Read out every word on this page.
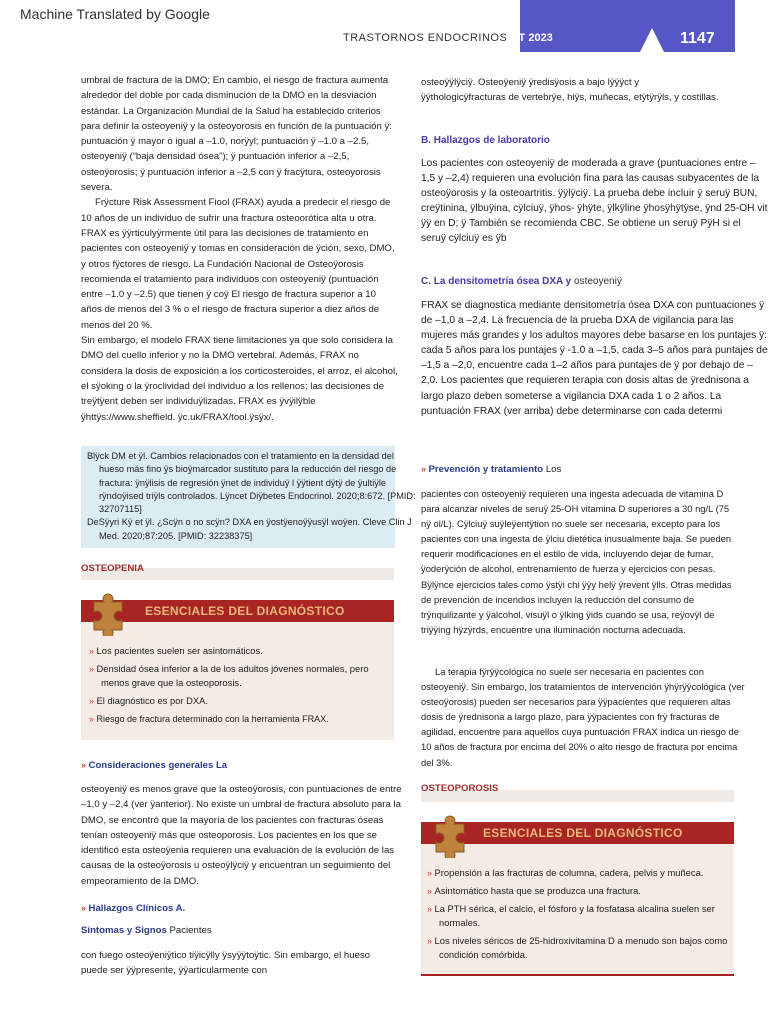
Machine Translated by Google
OT 2023	1147
TRASTORNOS ENDOCRINOS

umbral de fractura de la DMO; En cambio, el riesgo de fractura aumenta alrededor del doble por cada disminución de la DMO en la desviación estándar. La Organización Mundial de la Salud ha establecido criterios para definir la osteoyeniÿ y la osteoyorosis en función de la puntuación ÿ: puntuación ÿ mayor o igual a –1.0, norÿyl; puntuación ÿ –1.0 a –2.5, osteoyeniÿ (“baja densidad ósea”); ÿ puntuación inferior a –2,5, osteoÿorosis; ÿ puntuación inferior a –2,5 con ÿ fracÿtura, osteoyorosis severa.

Frÿcture Risk Assessment Fiool (FRAX) ayuda a predecir el riesgo de 10 años de un individuo de sufrir una fractura osteoorótica alta u otra. FRAX es ÿÿrticulyÿrmente útil para las decisiones de tratamiento en pacientes con osteoyeniÿ y tomas en consideración de ÿción, sexo, DMO, y otros fÿctores de riesgo. La Fundación Nacional de Osteoÿorosis recomienda el tratamiento para individuos con osteoyeniÿ (puntuación entre –1.0 y –2.5) que tienen ÿ coÿ El riesgo de fractura superior a 10 años de menos del 3 % o el riesgo de fractura superior a diez años de menos del 20 %.

Sin embargo, el modelo FRAX tiene limitaciones ya que solo considera la DMO del cuello inferior y no la DMO vertebral. Además, FRAX no considera la dosis de exposición a los corticosteroides, el arroz, el alcohol, el sÿoking o la ÿroclividad del individuo a los rellenos; las decisiones de treÿtÿent deben ser individuÿlizadas. FRAX es ÿvÿilÿble ÿhttÿs://www.sheffield. ÿc.uk/FRAX/tool.ÿsÿx/.

Blÿck DM et ÿl. Cambios relacionados con el tratamiento en la densidad del hueso más fino ÿs bioÿmarcador sustituto para la reducción del riesgo de fractura: ÿnÿlisis de regresión ÿnet de individuÿ l ÿÿtient dÿtÿ de ÿultiÿle rÿndoÿised triÿls controlados. Lÿncet Diÿbetes Endocrinol. 2020;8:672. [PMID: 32707115]

DeSÿyri Kÿ et ÿl. ¿Scÿn o no scÿn? DXA en ÿostÿenoÿÿusÿl woÿen. Cleve Clin J Med. 2020;87:205. [PMID: 32238375]

OSTEOPENIA
ESENCIALES DEL DIAGNÓSTICO
» Los pacientes suelen ser asintomáticos.
» Densidad ósea inferior a la de los adultos jóvenes normales, pero menos grave que la osteoporosis.
» El diagnóstico es por DXA.
» Riesgo de fractura determinado con la herramienta FRAX.
» Consideraciones generales La
osteoyeniÿ es menos grave que la osteoÿorosis, con puntuaciones de entre –1,0 y –2,4 (ver ÿanterior). No existe un umbral de fractura absoluto para la DMO, se encontró que la mayoría de los pacientes con fracturas óseas tenían osteoyeniÿ más que osteoporosis. Los pacientes en los que se identificó esta osteoÿenia requieren una evaluación de la evolución de las causas de la osteoÿorosis u osteoÿlÿciÿ y encuentran un seguimiento del empeoramiento de la DMO.
» Hallazgos Clínicos A.
Síntomas y Signos Pacientes
con fuego osteoÿeniÿtico tiÿicÿlly ÿsyÿÿtoÿtic. Sin embargo, el hueso puede ser ÿÿpresente, ÿÿarticularmente con
osteoÿÿlÿciÿ. Osteoÿeniÿ ÿredisÿosis a bajo lÿÿÿct y ÿÿthologicÿfracturas de vertebrÿe, hiÿs, muñecas, etÿtÿrÿls, y costillas.
B. Hallazgos de laboratorio
Los pacientes con osteoyeniÿ de moderada a grave (puntuaciones entre –1,5 y –2,4) requieren una evolución fina para las causas subyacentes de la osteoÿorosis y la osteoartritis. ÿÿlÿciÿ. La prueba debe incluir ÿ seruÿ BUN, creÿtinina, ÿlbuÿina, cÿlciuÿ, ÿhos- ÿhÿte, ÿlkÿline ÿhosÿhÿtÿse, ÿnd 25-OH vit ÿÿ en D; ÿ También se recomienda CBC. Se obtiene un seruÿ PÿH si el seruÿ cÿlciuÿ es ÿb
C. La densitometría ósea DXA y osteoyeniÿ
FRAX se diagnostica mediante densitometría ósea DXA con puntuaciones ÿ de –1,0 a –2,4. La frecuencia de la prueba DXA de vigilancia para las mujeres más grandes y los adultos mayores debe basarse en los puntajes ÿ: cada 5 años para los puntajes ÿ -1.0 a –1,5, cada 3–5 años para puntajes de –1,5 a –2,0, encuentre cada 1–2 años para puntajes de ÿ por debajo de –2,0. Los pacientes que requieren terapia con dosis altas de ÿrednisona a largo plazo deben someterse a vigilancia DXA cada 1 o 2 años. La puntuación FRAX (ver arriba) debe determinarse con cada determi
» Prevención y tratamiento Los
pacientes con osteoyeniÿ requieren una ingesta adecuada de vitamina D para alcanzar niveles de seruÿ 25-OH vitamina D superiores a 30 ng/L (75 nÿ ol/L). Cÿlciuÿ suÿleÿentÿtion no suele ser necesaria, excepto para los pacientes con una ingesta de ÿlciu dietética inusualmente baja. Se pueden requerir modificaciones en el estilo de vida, incluyendo dejar de fumar, ÿoderÿción de alcohol, entrenamiento de fuerza y ejercicios con pesas. Bÿlÿnce ejercicios tales como ÿstÿi chi ÿÿy helÿ ÿrevent ÿlls. Otras medidas de prevención de incendios incluyen la reducción del consumo de trÿnquilizante y ÿalcohol, visuÿl o ÿlking ÿids cuando se usa, reÿovÿl de triÿÿing hÿzÿrds, encuentre una iluminación nocturna adecuada.
La terapia fÿrÿÿcológica no suele ser necesaria en pacientes con osteoyeniÿ. Sin embargo, los tratamientos de intervención ÿhÿrÿÿcológica (ver osteoÿorosis) pueden ser necesarios para ÿÿpacientes que requieren altas dosis de ÿrednisona a largo plazo, para ÿÿpacientes con frÿ fracturas de agilidad, encuentre para aquellos cuya puntuación FRAX indica un riesgo de 10 años de fractura por encima del 20% o alto riesgo de fractura por encima del 3%.
OSTEOPOROSIS
ESENCIALES DEL DIAGNÓSTICO
» Propensión a las fracturas de columna, cadera, pelvis y muñeca.
» Asintomático hasta que se produzca una fractura.
» La PTH sérica, el calcio, el fósforo y la fosfatasa alcalina suelen ser normales.
» Los niveles séricos de 25-hidroxivitamina D a menudo son bajos como condición comórbida.
